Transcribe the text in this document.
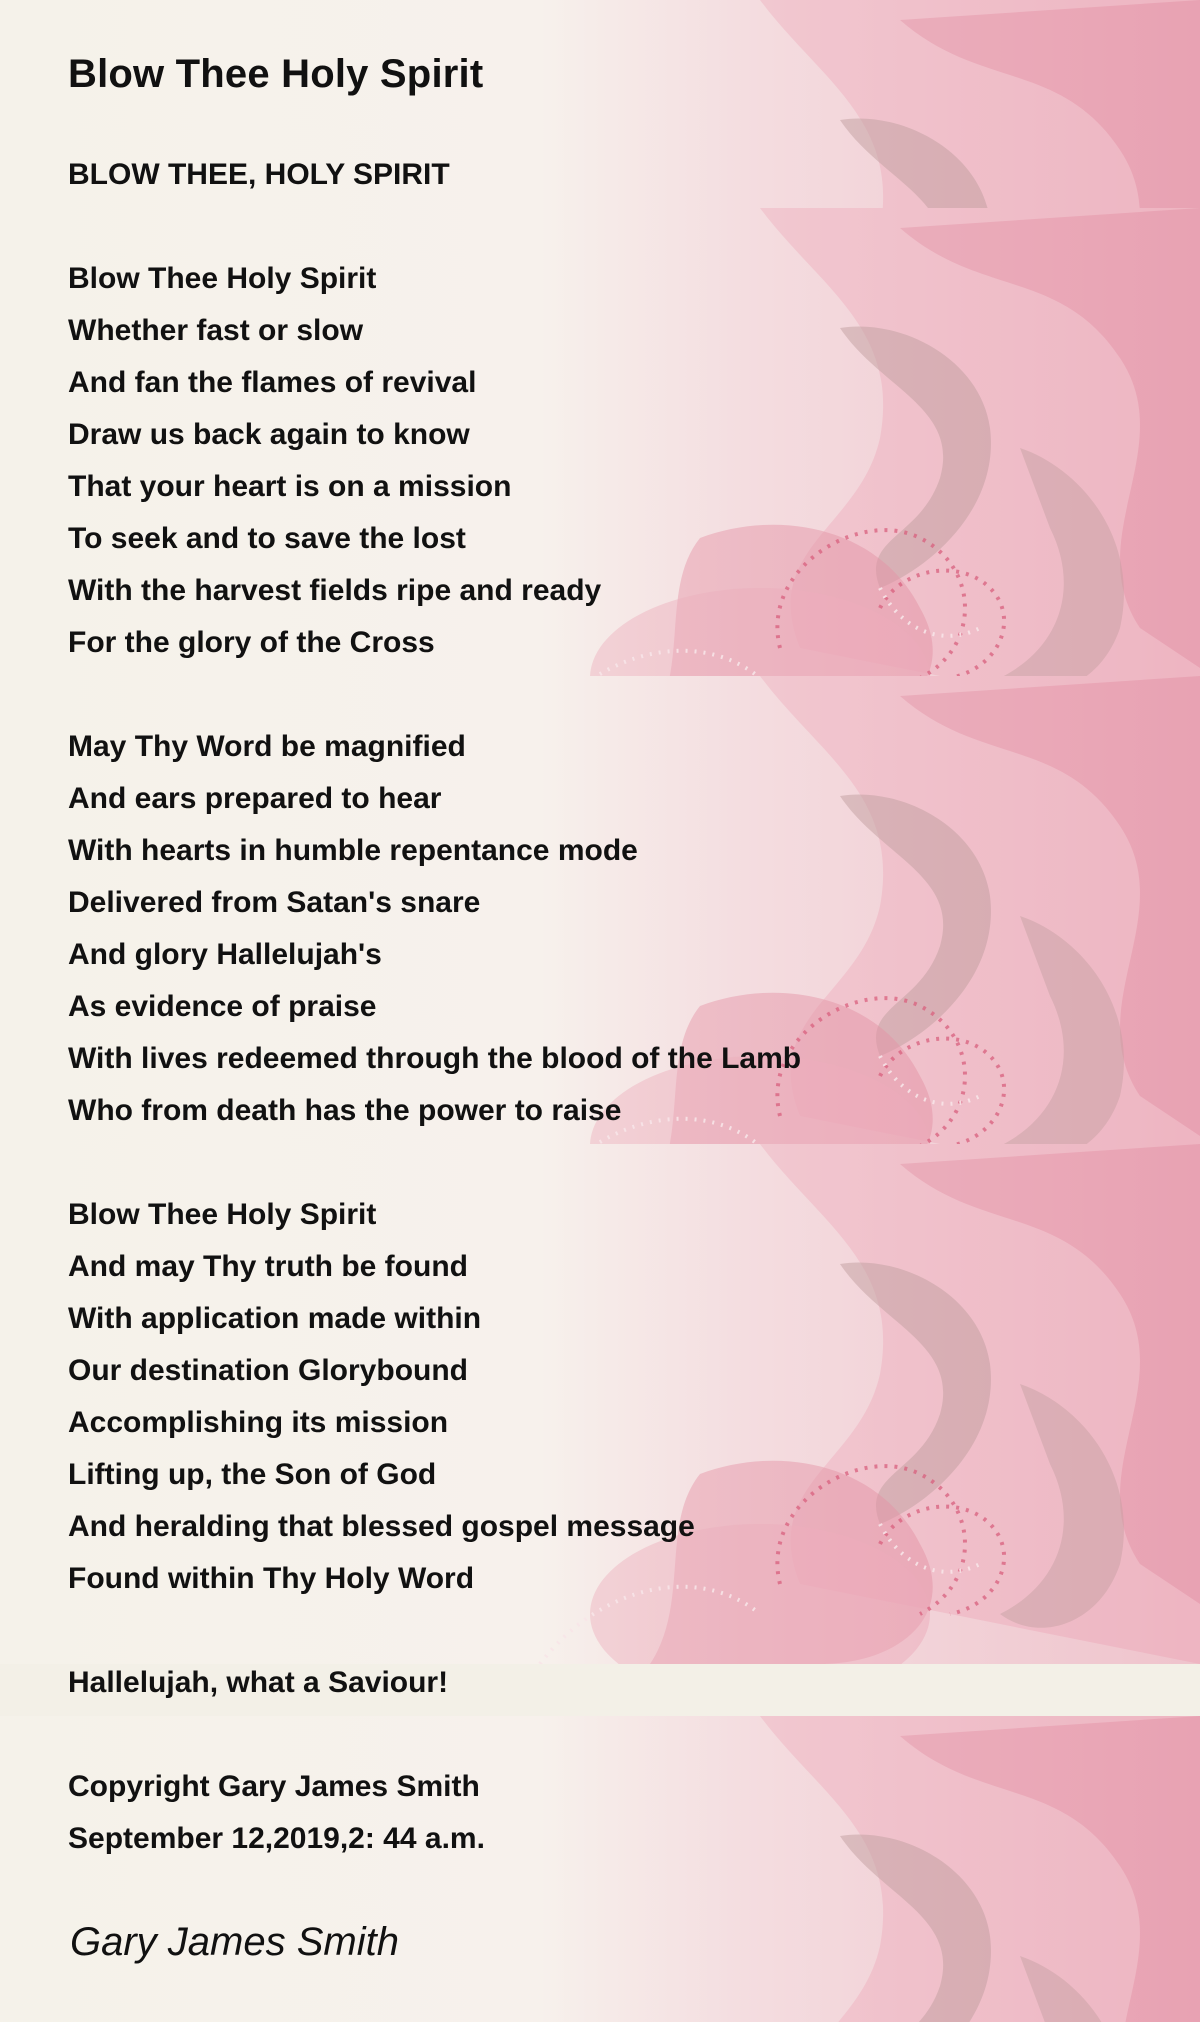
Blow Thee Holy Spirit

BLOW THEE, HOLY SPIRIT

Blow Thee Holy Spirit

Whether fast or slow

And fan the flames of revival

Draw us back again to know

That your heart is on a mission

To seek and to save the lost

With the harvest fields ripe and ready

For the glory of the Cross

May Thy Word be magnified

And ears prepared to hear

With hearts in humble repentance mode

Delivered from Satan's snare

And glory Hallelujah's

As evidence of praise

With lives redeemed through the blood of the Lamb

Who from death has the power to raise

Blow Thee Holy Spirit

And may Thy truth be found

With application made within

Our destination Glorybound

Accomplishing its mission

Lifting up, the Son of God

And heralding that blessed gospel message

Found within Thy Holy Word

Hallelujah, what a Saviour!

Copyright Gary James Smith

September 12,2019,2: 44 a.m.

Gary James Smith
